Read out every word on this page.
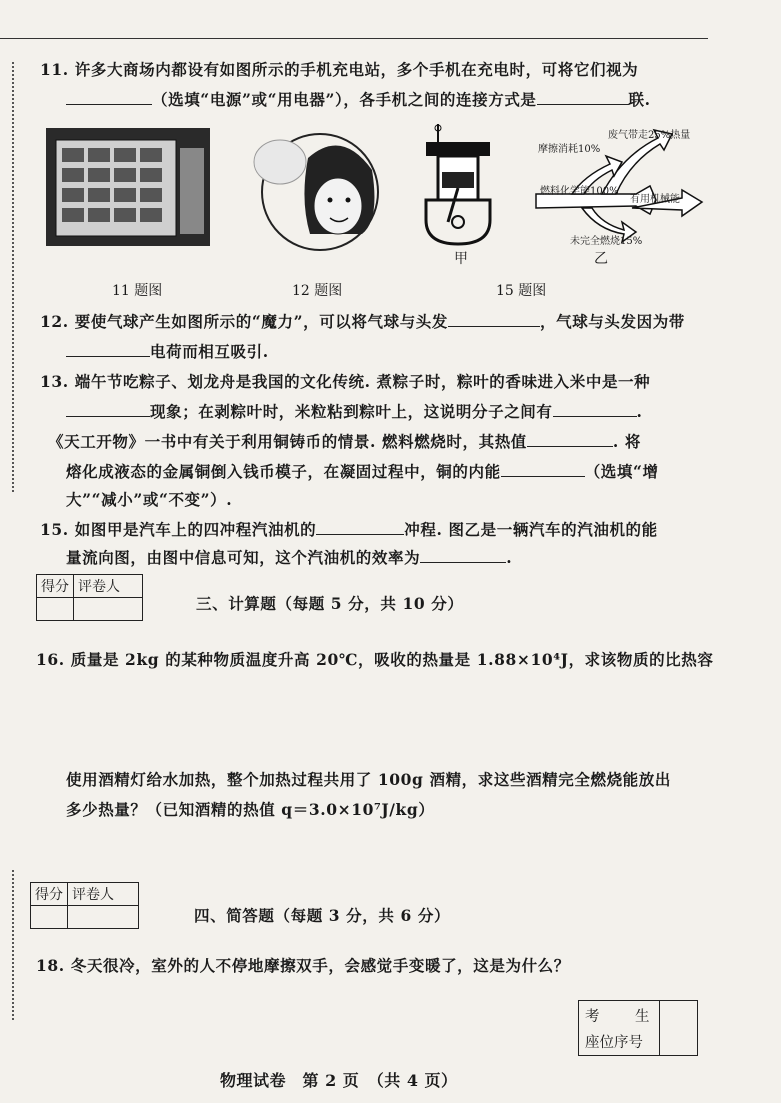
11. 许多大商场内都设有如图所示的手机充电站，多个手机在充电时，可将它们视为
（选填“电源”或“用电器”），各手机之间的连接方式是	联.
甲
废气带走25%热量
摩擦消耗10%
燃料化学能100%
有用机械能
未完全燃烧15%
乙
11 题图	12 题图	15 题图
12. 要使气球产生如图所示的“魔力”，可以将气球与头发	，气球与头发因为带
电荷而相互吸引.
13. 端午节吃粽子、划龙舟是我国的文化传统. 煮粽子时，粽叶的香味进入米中是一种
现象；在剥粽叶时，米粒粘到粽叶上，这说明分子之间有	.
《天工开物》一书中有关于利用铜铸币的情景. 燃料燃烧时，其热值	. 将
熔化成液态的金属铜倒入钱币模子，在凝固过程中，铜的内能	（选填“增
大”“减小”或“不变”）.
15. 如图甲是汽车上的四冲程汽油机的	冲程. 图乙是一辆汽车的汽油机的能
量流向图，由图中信息可知，这个汽油机的效率为	.
得分	评卷人

三、计算题（每题 5 分，共 10 分）
16. 质量是 2kg 的某种物质温度升高 20℃，吸收的热量是 1.88×10⁴J，求该物质的比热容
使用酒精灯给水加热，整个加热过程共用了 100g 酒精，求这些酒精完全燃烧能放出
多少热量？（已知酒精的热值 q＝3.0×10⁷J/kg）
得分	评卷人

四、简答题（每题 3 分，共 6 分）
18. 冬天很冷，室外的人不停地摩擦双手，会感觉手变暖了，这是为什么？
考 生
座位序号
物理试卷　第 2 页　（共 4 页）
